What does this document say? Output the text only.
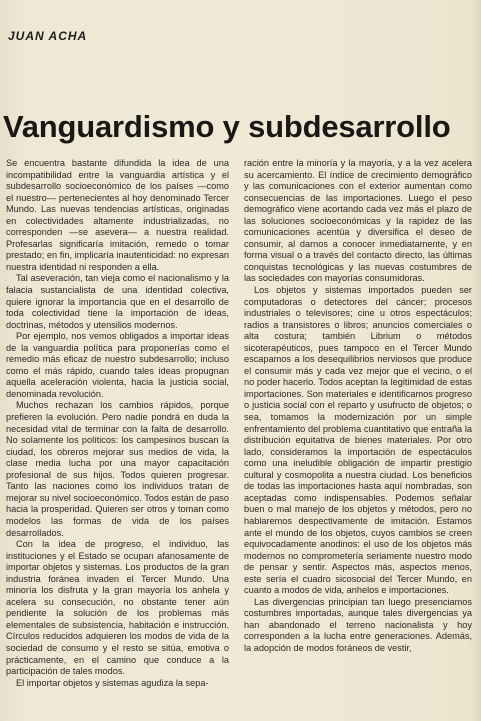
JUAN ACHA
Vanguardismo y subdesarrollo

Se encuentra bastante difundida la idea de una incompatibilidad entre la vanguardia artística y el subdesarrollo socioeconómico de los países —como el nuestro— pertenecientes al hoy denominado Tercer Mundo. Las nuevas tendencias artísticas, originadas en colectividades altamente industrializadas, no corresponden —se asevera— a nuestra realidad. Profesarlas significaría imitación, remedo o tomar prestado; en fin, implicaría inautenticidad: no expresan nuestra identidad ni responden a ella.

Tal aseveración, tan vieja como el nacionalismo y la falacia sustancialista de una identidad colectiva, quiere ignorar la importancia que en el desarrollo de toda colectividad tiene la importación de ideas, doctrinas, métodos y utensilios modernos.

Por ejemplo, nos vemos obligados a importar ideas de la vanguardia política para proponerías como el remedio más eficaz de nuestro subdesarrollo; incluso como el más rápido, cuando tales ideas propugnan aquella aceleración violenta, hacia la justicia social, denominada revolución.

Muchos rechazan los cambios rápidos, porque prefieren la evolución. Pero nadie pondrá en duda la necesidad vital de terminar con la falta de desarrollo. No solamente los políticos: los campesinos buscan la ciudad, los obreros mejorar sus medios de vida, la clase media lucha por una mayor capacitación profesional de sus hijos. Todos quieren progresar. Tanto las naciones como los individuos tratan de mejorar su nivel socioeconómico. Todos están de paso hacia la prosperidad. Quieren ser otros y toman como modelos las formas de vida de los países desarrollados.

Con la idea de progreso, el individuo, las instituciones y el Estado se ocupan afanosamente de importar objetos y sistemas. Los productos de la gran industria foránea invaden el Tercer Mundo. Una minoría los disfruta y la gran mayoría los anhela y acelera su consecución, no obstante tener aún pendiente la solución de los problemas más elementales de subsistencia, habitación e instrucción. Círculos reducidos adquieren los modos de vida de la sociedad de consumo y el resto se sitúa, emotiva o prácticamente, en el camino que conduce a la participación de tales modos.

El importar objetos y sistemas agudiza la sepa-

ración entre la minoría y la mayoría, y a la vez acelera su acercamiento. El índice de crecimiento demográfico y las comunicaciones con el exterior aumentan como consecuencias de las importaciones. Luego el peso demográfico viene acortando cada vez más el plazo de las soluciones socioeconómicas y la rapidez de las comunicaciones acentúa y diversifica el deseo de consumir, al darnos a conocer inmediatamente, y en forma visual o a través del contacto directo, las últimas conquistas tecnológicas y las nuevas costumbres de las sociedades con mayorías consumidoras.

Los objetos y sistemas importados pueden ser computadoras o detectores del cáncer; procesos industriales o televisores; cine u otros espectáculos; radios a transistores o libros; anuncios comerciales o alta costura; también Librium o métodos sicoterapéuticos, pues tampoco en el Tercer Mundo escapamos a los desequilibrios nerviosos que produce el consumir más y cada vez mejor que el vecino, o el no poder hacerlo. Todos aceptan la legitimidad de estas importaciones. Son materiales e identificamos progreso o justicia social con el reparto y usufructo de objetos; o sea, tomamos la modernización por un simple enfrentamiento del problema cuantitativo que entraña la distribución equitativa de bienes materiales. Por otro lado, consideramos la importación de espectáculos como una ineludible obligación de impartir prestigio cultural y cosmopolita a nuestra ciudad. Los beneficios de todas las importaciones hasta aquí nombradas, son aceptadas como indispensables. Podemos señalar buen o mal manejo de los objetos y métodos, pero no hablaremos despectivamente de imitación. Estamos ante el mundo de los objetos, cuyos cambios se creen equivocadamente anodinos: el uso de los objetos más modernos no comprometería seriamente nuestro modo de pensar y sentir. Aspectos más, aspectos menos, este sería el cuadro sicosocial del Tercer Mundo, en cuanto a modos de vida, anhelos e importaciones.

Las divergencias principian tan luego presenciamos costumbres importadas, aunque tales divergencias ya han abandonado el terreno nacionalista y hoy corresponden a la lucha entre generaciones. Además, la adopción de modos foráneos de vestir,
